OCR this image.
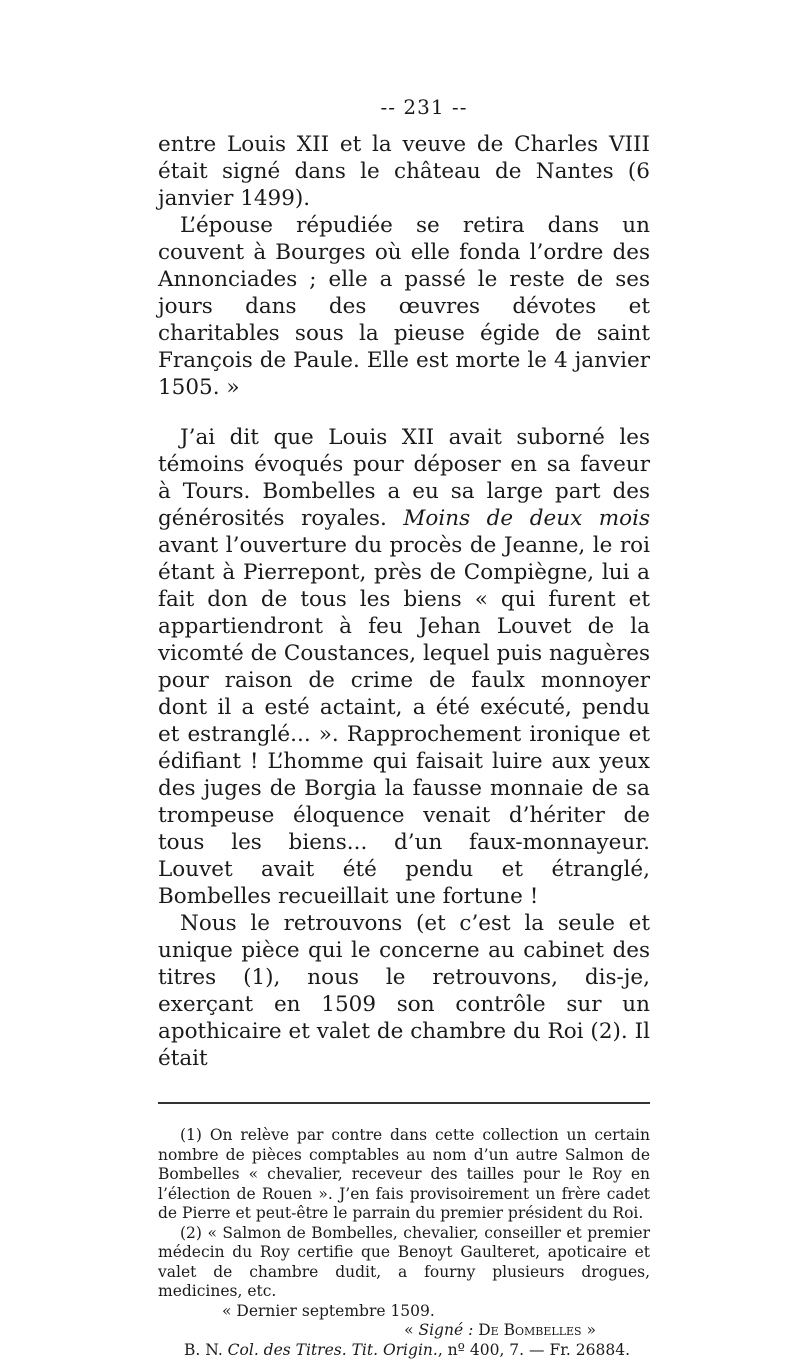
-- 231 --

entre Louis XII et la veuve de Charles VIII était signé dans le château de Nantes (6 janvier 1499).

L’épouse répudiée se retira dans un couvent à Bourges où elle fonda l’ordre des Annonciades ; elle a passé le reste de ses jours dans des œuvres dévotes et charitables sous la pieuse égide de saint François de Paule. Elle est morte le 4 janvier 1505. »

J’ai dit que Louis XII avait suborné les témoins évoqués pour déposer en sa faveur à Tours. Bombelles a eu sa large part des générosités royales. Moins de deux mois avant l’ouverture du procès de Jeanne, le roi étant à Pierrepont, près de Compiègne, lui a fait don de tous les biens « qui furent et appartiendront à feu Jehan Louvet de la vicomté de Coustances, lequel puis naguères pour raison de crime de faulx monnoyer dont il a esté actaint, a été exécuté, pendu et estranglé... ». Rapprochement ironique et édifiant ! L’homme qui faisait luire aux yeux des juges de Borgia la fausse monnaie de sa trompeuse éloquence venait d’hériter de tous les biens... d’un faux-monnayeur. Louvet avait été pendu et étranglé, Bombelles recueillait une fortune !

Nous le retrouvons (et c’est la seule et unique pièce qui le concerne au cabinet des titres (1), nous le retrouvons, dis-je, exerçant en 1509 son contrôle sur un apothicaire et valet de chambre du Roi (2). Il était

(1) On relève par contre dans cette collection un certain nombre de pièces comptables au nom d’un autre Salmon de Bombelles « chevalier, receveur des tailles pour le Roy en l’élection de Rouen ». J’en fais provisoirement un frère cadet de Pierre et peut-être le parrain du premier président du Roi.

(2) « Salmon de Bombelles, chevalier, conseiller et premier médecin du Roy certifie que Benoyt Gaulteret, apoticaire et valet de chambre dudit, a fourny plusieurs drogues, medicines, etc.

« Dernier septembre 1509.

« Signé : De Bombelles »

B. N. Col. des Titres. Tit. Origin., nº 400, 7. — Fr. 26884.
